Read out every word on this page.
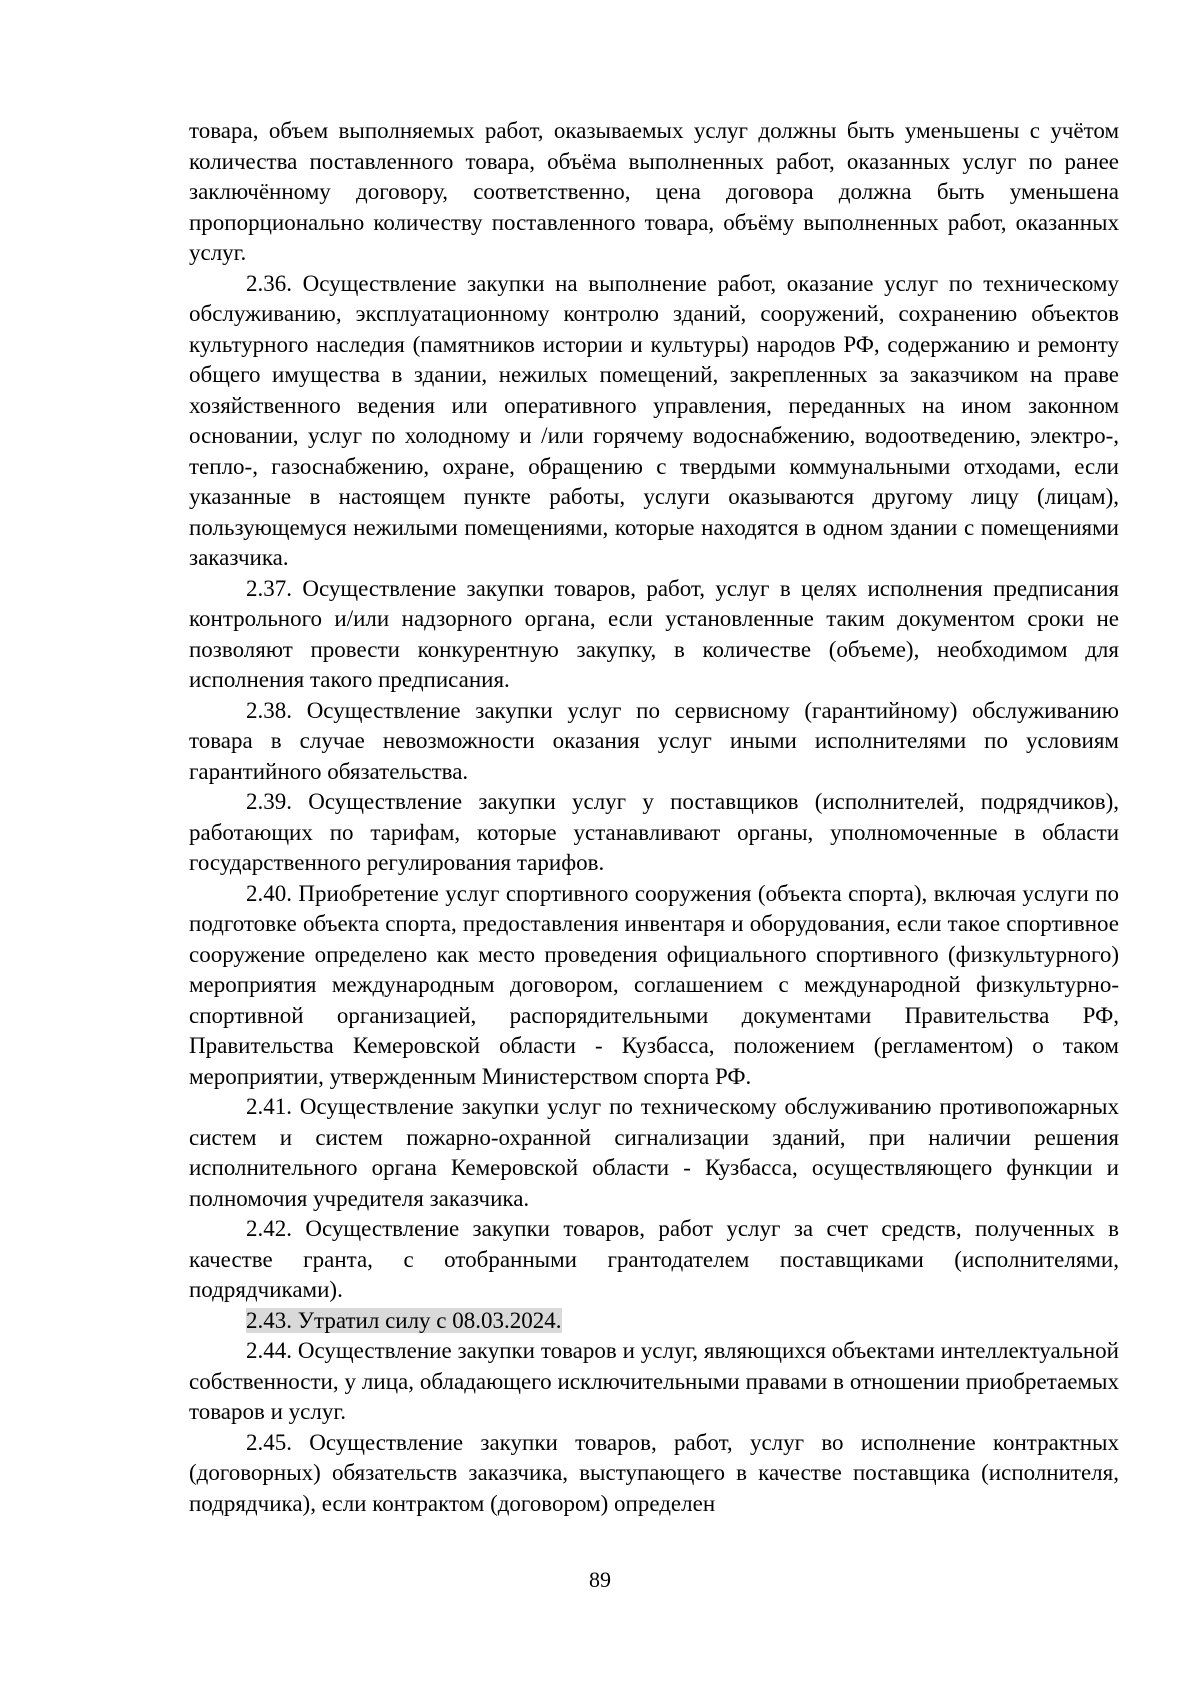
товара, объем выполняемых работ, оказываемых услуг должны быть уменьшены с учётом количества поставленного товара, объёма выполненных работ, оказанных услуг по ранее заключённому договору, соответственно, цена договора должна быть уменьшена пропорционально количеству поставленного товара, объёму выполненных работ, оказанных услуг.

2.36. Осуществление закупки на выполнение работ, оказание услуг по техническому обслуживанию, эксплуатационному контролю зданий, сооружений, сохранению объектов культурного наследия (памятников истории и культуры) народов РФ, содержанию и ремонту общего имущества в здании, нежилых помещений, закрепленных за заказчиком на праве хозяйственного ведения или оперативного управления, переданных на ином законном основании, услуг по холодному и /или горячему водоснабжению, водоотведению, электро-, тепло-, газоснабжению, охране, обращению с твердыми коммунальными отходами, если указанные в настоящем пункте работы, услуги оказываются другому лицу (лицам), пользующемуся нежилыми помещениями, которые находятся в одном здании с помещениями заказчика.

2.37. Осуществление закупки товаров, работ, услуг в целях исполнения предписания контрольного и/или надзорного органа, если установленные таким документом сроки не позволяют провести конкурентную закупку, в количестве (объеме), необходимом для исполнения такого предписания.

2.38. Осуществление закупки услуг по сервисному (гарантийному) обслуживанию товара в случае невозможности оказания услуг иными исполнителями по условиям гарантийного обязательства.

2.39. Осуществление закупки услуг у поставщиков (исполнителей, подрядчиков), работающих по тарифам, которые устанавливают органы, уполномоченные в области государственного регулирования тарифов.

2.40. Приобретение услуг спортивного сооружения (объекта спорта), включая услуги по подготовке объекта спорта, предоставления инвентаря и оборудования, если такое спортивное сооружение определено как место проведения официального спортивного (физкультурного) мероприятия международным договором, соглашением с международной физкультурно-спортивной организацией, распорядительными документами Правительства РФ, Правительства Кемеровской области - Кузбасса, положением (регламентом) о таком мероприятии, утвержденным Министерством спорта РФ.

2.41. Осуществление закупки услуг по техническому обслуживанию противопожарных систем и систем пожарно-охранной сигнализации зданий, при наличии решения исполнительного органа Кемеровской области - Кузбасса, осуществляющего функции и полномочия учредителя заказчика.

2.42. Осуществление закупки товаров, работ услуг за счет средств, полученных в качестве гранта, с отобранными грантодателем поставщиками (исполнителями, подрядчиками).

2.43. Утратил силу с 08.03.2024.

2.44. Осуществление закупки товаров и услуг, являющихся объектами интеллектуальной собственности, у лица, обладающего исключительными правами в отношении приобретаемых товаров и услуг.

2.45. Осуществление закупки товаров, работ, услуг во исполнение контрактных (договорных) обязательств заказчика, выступающего в качестве поставщика (исполнителя, подрядчика), если контрактом (договором) определен

89
